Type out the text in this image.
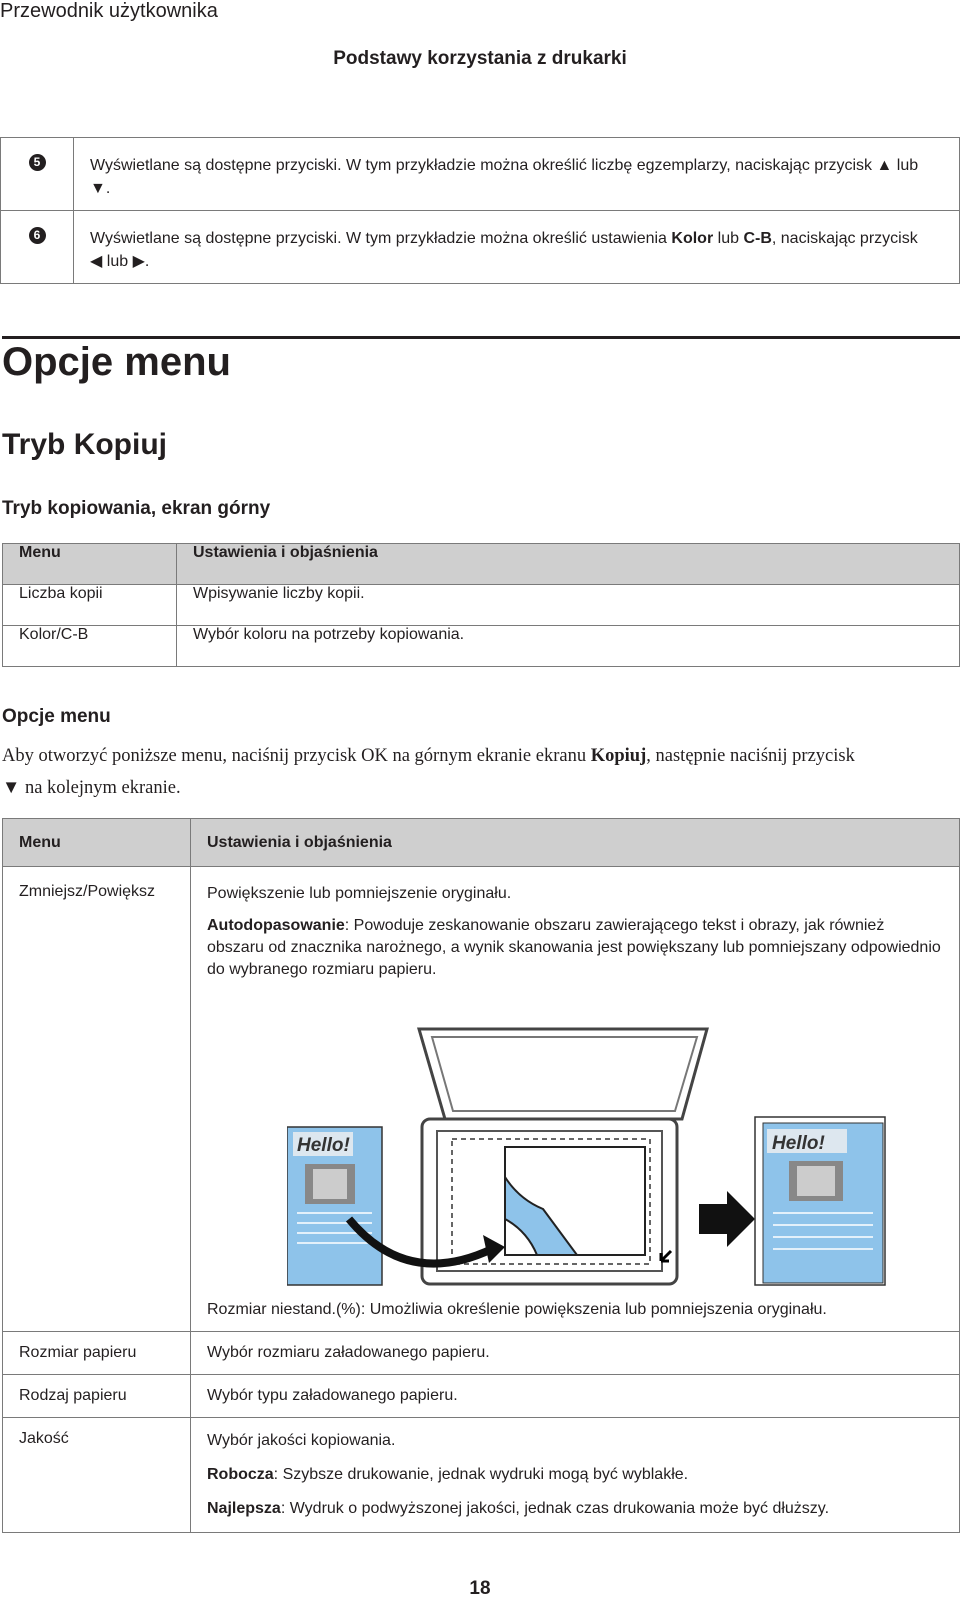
Przewodnik użytkownika
Podstawy korzystania z drukarki
5	Wyświetlane są dostępne przyciski. W tym przykładzie można określić liczbę egzemplarzy, naciskając przycisk ▲ lub
▼.
6	Wyświetlane są dostępne przyciski. W tym przykładzie można określić ustawienia Kolor lub C-B, naciskając przycisk
◀ lub ▶.
Opcje menu
Tryb Kopiuj
Tryb kopiowania, ekran górny
Menu	Ustawienia i objaśnienia
Liczba kopii	Wpisywanie liczby kopii.
Kolor/C-B	Wybór koloru na potrzeby kopiowania.
Opcje menu
Aby otworzyć poniższe menu, naciśnij przycisk OK na górnym ekranie ekranu Kopiuj, następnie naciśnij przycisk
▼ na kolejnym ekranie.
Menu	Ustawienia i objaśnienia
Zmniejsz/Powiększ	Powiększenie lub pomniejszenie oryginału.

Autodopasowanie: Powoduje zeskanowanie obszaru zawierającego tekst i obrazy, jak również obszaru od znacznika narożnego, a wynik skanowania jest powiększany lub pomniejszany odpowiednio do wybranego rozmiaru papieru.

Hello! Hello!

Rozmiar niestand.(%): Umożliwia określenie powiększenia lub pomniejszenia oryginału.

Rozmiar papieru	Wybór rozmiaru załadowanego papieru.
Rodzaj papieru	Wybór typu załadowanego papieru.
Jakość	Wybór jakości kopiowania.

Robocza: Szybsze drukowanie, jednak wydruki mogą być wyblakłe.

Najlepsza: Wydruk o podwyższonej jakości, jednak czas drukowania może być dłuższy.

18
